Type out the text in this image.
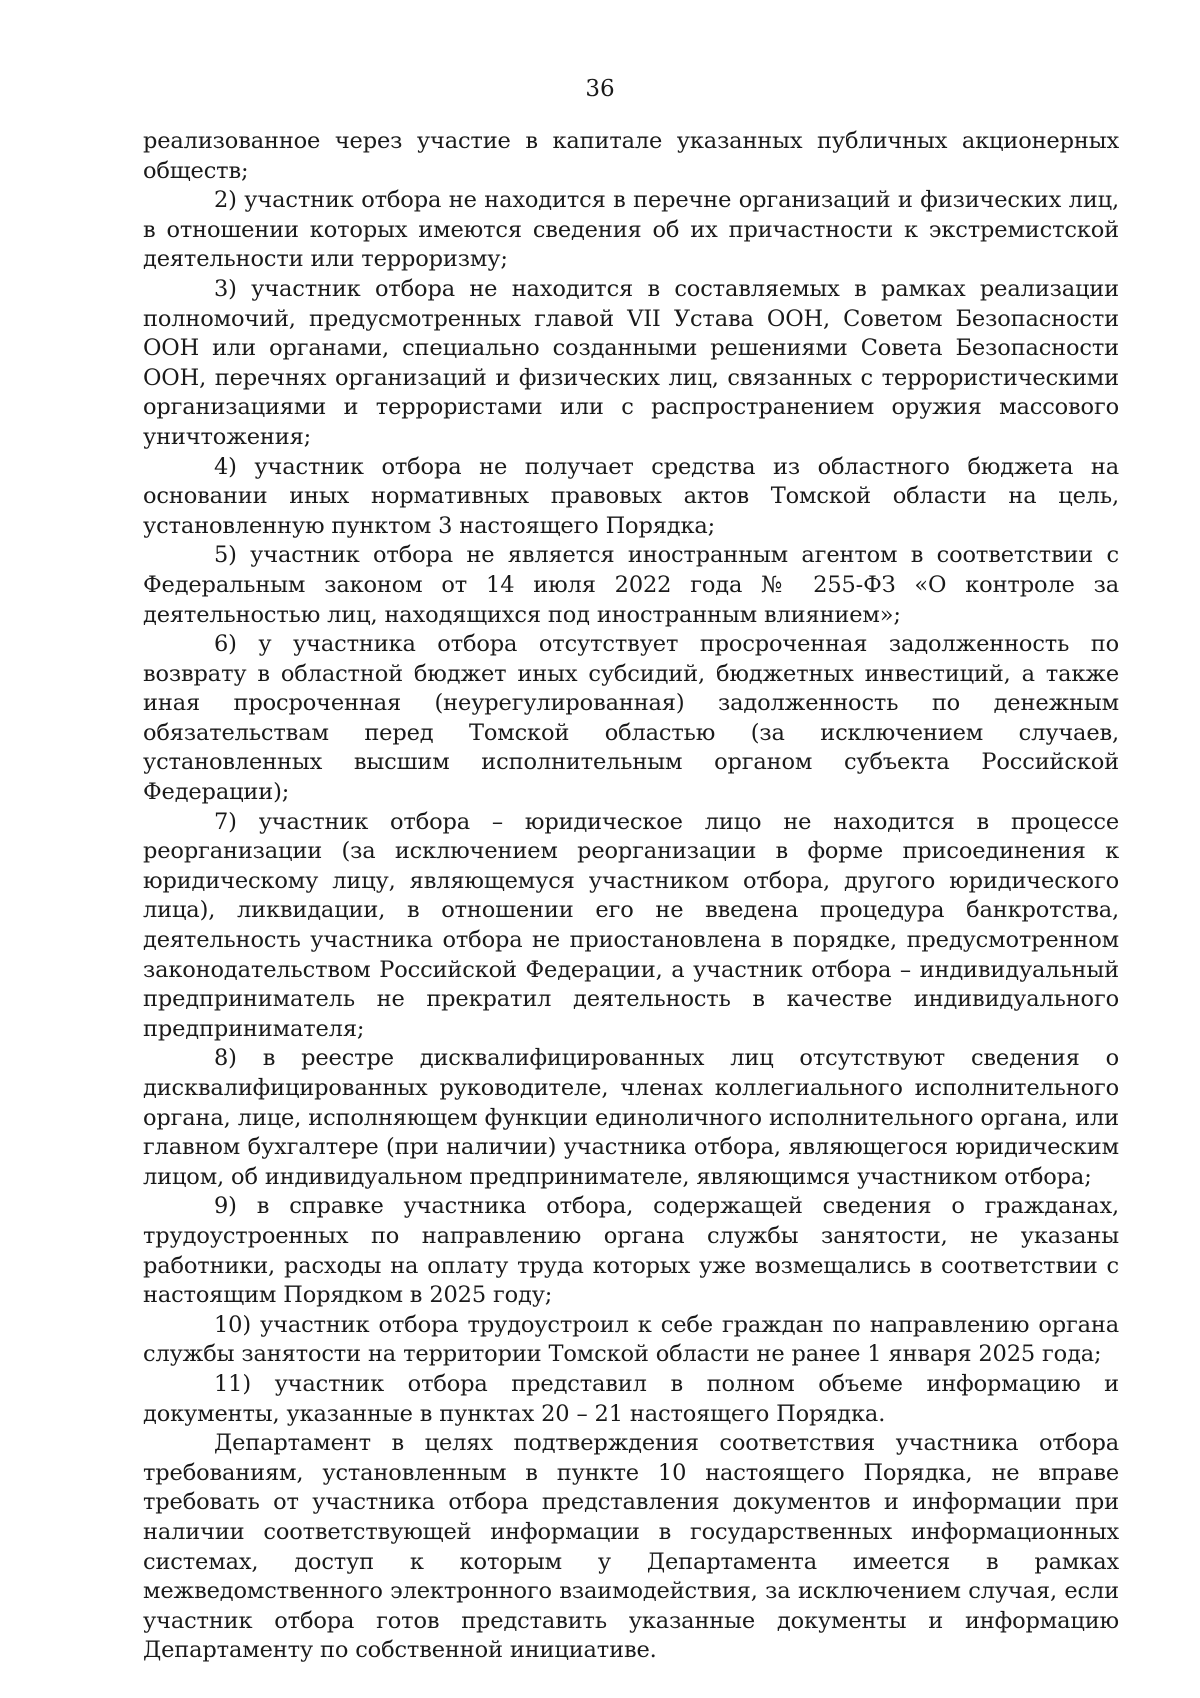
36

реализованное через участие в капитале указанных публичных акционерных обществ;

2) участник отбора не находится в перечне организаций и физических лиц, в отношении которых имеются сведения об их причастности к экстремистской деятельности или терроризму;

3) участник отбора не находится в составляемых в рамках реализации полномочий, предусмотренных главой VII Устава ООН, Советом Безопасности ООН или органами, специально созданными решениями Совета Безопасности ООН, перечнях организаций и физических лиц, связанных с террористическими организациями и террористами или с распространением оружия массового уничтожения;

4) участник отбора не получает средства из областного бюджета на основании иных нормативных правовых актов Томской области на цель, установленную пунктом 3 настоящего Порядка;

5) участник отбора не является иностранным агентом в соответствии с Федеральным законом от 14 июля 2022 года № 255-ФЗ «О контроле за деятельностью лиц, находящихся под иностранным влиянием»;

6) у участника отбора отсутствует просроченная задолженность по возврату в областной бюджет иных субсидий, бюджетных инвестиций, а также иная просроченная (неурегулированная) задолженность по денежным обязательствам перед Томской областью (за исключением случаев, установленных высшим исполнительным органом субъекта Российской Федерации);

7) участник отбора – юридическое лицо не находится в процессе реорганизации (за исключением реорганизации в форме присоединения к юридическому лицу, являющемуся участником отбора, другого юридического лица), ликвидации, в отношении его не введена процедура банкротства, деятельность участника отбора не приостановлена в порядке, предусмотренном законодательством Российской Федерации, а участник отбора – индивидуальный предприниматель не прекратил деятельность в качестве индивидуального предпринимателя;

8) в реестре дисквалифицированных лиц отсутствуют сведения о дисквалифицированных руководителе, членах коллегиального исполнительного органа, лице, исполняющем функции единоличного исполнительного органа, или главном бухгалтере (при наличии) участника отбора, являющегося юридическим лицом, об индивидуальном предпринимателе, являющимся участником отбора;

9) в справке участника отбора, содержащей сведения о гражданах, трудоустроенных по направлению органа службы занятости, не указаны работники, расходы на оплату труда которых уже возмещались в соответствии с настоящим Порядком в 2025 году;

10) участник отбора трудоустроил к себе граждан по направлению органа службы занятости на территории Томской области не ранее 1 января 2025 года;

11) участник отбора представил в полном объеме информацию и документы, указанные в пунктах 20 – 21 настоящего Порядка.

Департамент в целях подтверждения соответствия участника отбора требованиям, установленным в пункте 10 настоящего Порядка, не вправе требовать от участника отбора представления документов и информации при наличии соответствующей информации в государственных информационных системах, доступ к которым у Департамента имеется в рамках межведомственного электронного взаимодействия, за исключением случая, если участник отбора готов представить указанные документы и информацию Департаменту по собственной инициативе.
